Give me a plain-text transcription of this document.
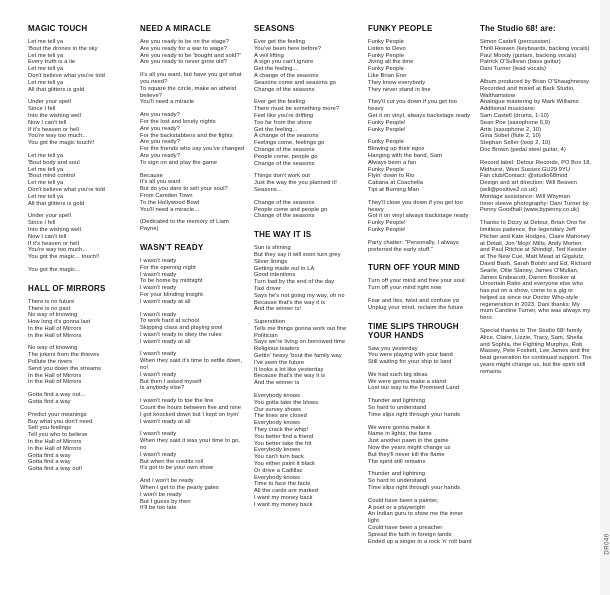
MAGIC TOUCH
Let me tell ya
'Bout the drones in the sky
Let me tell ya
Every truth is a lie
Let me tell ya
Don't believe what you're told
Let me tell ya
All that glitters is gold
Under your spell
Since I fell
Into the wishing well
Now I can't tell
If it's heaven or hell
You're way too much...
You got the magic touch!!
Let me tell ya
'Bout body and soul
Let me tell ya
'Bout mind control
Let me tell ya
Don't believe what you're told
Let me tell ya
All that glitters is gold
Under your spell
Since I fell
Into the wishing well
Now I can't tell
If it's heaven or hell
You're way too much...
You got the magic... touch!!
You got the magic...
HALL OF MIRRORS
There is no future
There is no past
No way of knowing
How long it's gonna last
In the Hall of Mirrors
In the Hall of Mirrors
No way of knowing
The jokers from the thieves
Pollute the rivers
Send you down the streams
In the Hall of Mirrors
In the Hall of Mirrors
Gotta find a way out...
Gotta find a way
Predict your meanings
Buy what you don't need
Sell you feelings
Tell you who to believe
In the Hall of Mirrors
In the Hall of Mirrors
Gotta find a way
Gotta find a way
Gotta find a way out!
NEED A MIRACLE
Are you ready to be on the stage?
Are you ready for a war to wage?
Are you ready to be 'bought and sold?'
Are you ready to never grow old?
It's all you want, but have you got what you need?
To square the circle, make an atheist believe?
You'll need a miracle
Are you ready?
For the lost and lonely nights
Are you ready?
For the backstabbers and the fights
Are you ready?
For the friends who say you've changed
Are you ready?
To sign on and play the game
Because
It's all you want
But do you dare to sell your soul?
From Camden Town
To the Hollywood Bowl
You'll need a miracle...
(Dedicated to the memory of Liam Payne)
WASN'T READY
I wasn't ready
For the opening night
I wasn't ready
To be home by midnight
I wasn't ready
For your blinding insight
I wasn't ready at all
I wasn't ready
To work hard at school
Skipping class and playing pool
I wasn't ready to obey the rules
I wasn't ready at all
I wasn't ready
When they said it's time to settle down, no!
I wasn't ready
But then I asked myself
Is anybody else?
I wasn't ready to toe the line
Count the hours between five and nine
I got knocked down but I kept on tryin'
I wasn't ready at all
I wasn't ready
When they said it was your time to go, no
I wasn't ready
But when the credits roll
It's got to be your own show
And I won't be ready
When I get to the pearly gates
I won't be ready
But I guess by then
It'll be too late
SEASONS
Ever get the feeling
You've been here before?
A veil lifting
A sign you can't ignore
Get the feeling...
A change of the seasons
Seasons come and seasons go
Change of the seasons
Ever get the feeling
There must be something more?
Feel like you're drifting
Too far from the shore
Get the feeling...
A change of the seasons
Feelings come, feelings go
Change of the seasons
People come, people go
Change of the seasons
Things don't work out
Just the way the you planned it!
Seasons...
Change of the seasons
People come and people go
Change of the seasons
THE WAY IT IS
Sun is shining
But they say it will soon turn grey
Silver linings
Getting made out in LA
Good intentions
Turn bad by the end of the day
Taxi driver
Says he's not going my way, oh no
Because that's the way it is
And the winner is!
Superstition
Tells me things gonna work out fine
Politician
Says we're living on borrowed time
Religious leaders
Gettin' heavy 'bout the family way
I've seen the future
It looks a lot like yesterday
Because that's the way it is
And the winner is
Everybody knows
You gotta take the blows
Our survey shows
The lines are closed
Everybody knows
They crack the whip!
You better find a friend
You better take the hit
Everybody knows
You can't turn back
You either paint it black
Or drive a Cadillac
Everybody knows
Time to face the facts
All the cards are marked
I want my money back
I want my money back
FUNKY PEOPLE
Funky People
Listen to Devo
Funky People
Jiving all the time
Funky People
Like Brian Eno
They know everybody
They never stand in line
They'll cut you down if you get too heavy
Get it on vinyl, always backstage ready
Funky People!
Funky People!
Funky People
Blowing up their egos
Hanging with the band, Sam
Always been a fan
Funky People
Flyin' down to Rio
Cabana at Coachella
Tipi at Burning Man
They'll close you down if you get too heavy
Got it on vinyl always backstage ready
Funky People!
Funky People!
Party chatter: "Personally, I always preferred the early stuff."
TURN OFF YOUR MIND
Turn off your mind and free your soul
Turn off your mind right now
Fear and lies, twist and confuse ya
Unplug your mind, reclaim the future
TIME SLIPS THROUGH YOUR HANDS
Saw you yesterday
You were playing with your band
Still waiting for your ship to land
We had such big ideas
We were gonna make a stand
Lost our way to the Promised Land
Thunder and lightning
So hard to understand
Time slips right through your hands
We were gonna make it
Name in lights, the fame
Just another pawn in the game
Now the years might change us
But they'll never kill the flame
The spirit still remains
Thunder and lightning
So hard to understand
Time slips right through your hands
Could have been a painter,
A poet or a playwright
An Indian guru to show me the inner light
Could have been a preacher
Spread the faith in foreign lands
Ended up a singer in a rock 'n' roll band
The Studio 68! are:
Simon Castell (percussion)
Thrill Heaven (keyboards, backing vocals)
Paul Moody (guitars, backing vocals)
Patrick O'Sullivan (bass guitar)
Dani Turner (lead vocals)
Album produced by Brian O'Shaughnessy
Recorded and mixed at Bark Studio, Walthamstow
Analogue mastering by Mark Williams
Additional musicians:
Sam Castell (drums, 1-10)
Sean Poe (saxophone 6,9)
Artis (saxophone 2, 10)
Gina Sobel (flute 2, 10)
Stephan Seller (loop 2, 10)
Doc Brown (pedal steel guitar, 4)
Record label: Detour Records, PO Box 18, Midhurst, West Sussex GU29 9YU
Fan club/Contact: @studio68mod
Design and art direction: Will Beaven (will@positive2.co.uk)
Montage assistance: Will Whyman
Inner sleeve photography: Dani Turner by Penny Goodhall (www.bypenny.co.uk)
Thanks to Dizzy at Detour, Brian Ono for limitless patience, the legendary Jeff Pitcher and Kate Hodges, Claire Mahoney at Detail, Jon 'Mojo' Mills, Andy Morten and Paul Ritchie at Shindig!, Ted Kessler at The New Cue, Matt Mead at Gigslutz, David Bash, Sarah Bolshi and Ed, Richard Searle, Ollie Slaney, James O'Mullan, James Endeacott, Darren Brooker at Uncertain Ratio and everyone else who has put on a show, come to a gig or helped us since our Doctor Who-style regeneration in 2023. Dani thanks: My mum Caroline Turner, who was always my hero.
Special thanks to The Studio 68! family Alice, Claire, Lizzie, Tracy, Sam, Sheila and Sophia, the Fighting Murphys, Rob Massey, Pete Foskett, Lee James and the beat generation for continued support. The years might change us, but the spirit still remains.
DR040
